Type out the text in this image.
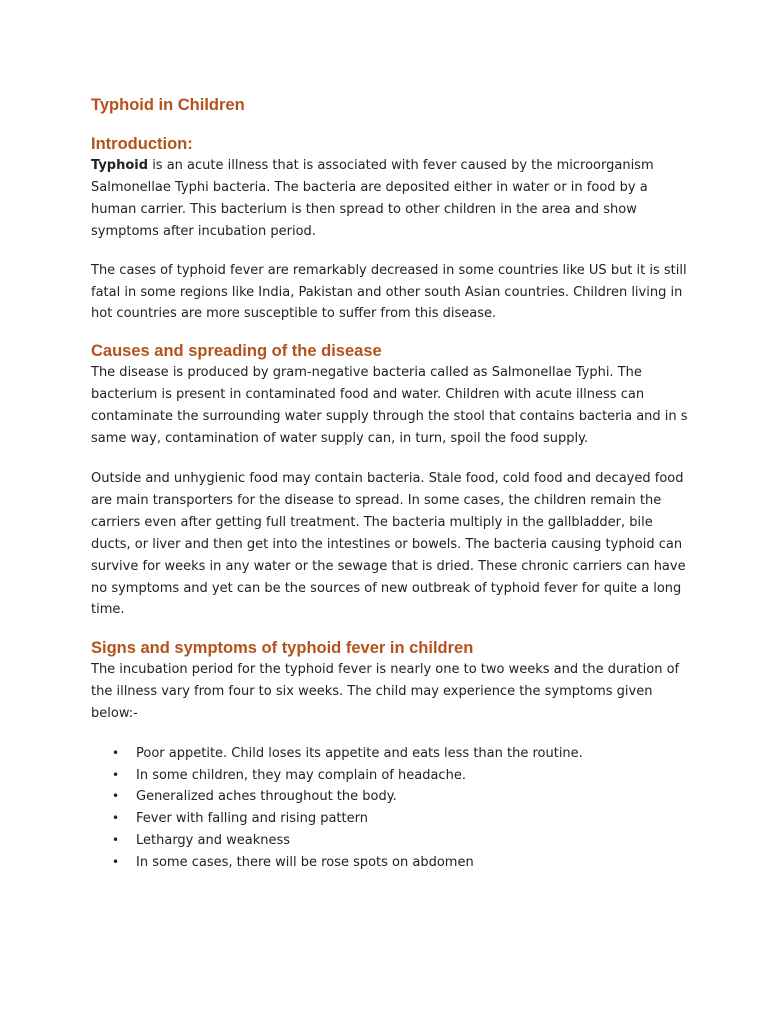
Typhoid in Children
Introduction:

Typhoid is an acute illness that is associated with fever caused by the microorganism Salmonellae Typhi bacteria. The bacteria are deposited either in water or in food by a human carrier. This bacterium is then spread to other children in the area and show symptoms after incubation period.

The cases of typhoid fever are remarkably decreased in some countries like US but it is still fatal in some regions like India, Pakistan and other south Asian countries. Children living in hot countries are more susceptible to suffer from this disease.

Causes and spreading of the disease

The disease is produced by gram-negative bacteria called as Salmonellae Typhi. The bacterium is present in contaminated food and water. Children with acute illness can contaminate the surrounding water supply through the stool that contains bacteria and in s same way, contamination of water supply can, in turn, spoil the food supply.

Outside and unhygienic food may contain bacteria. Stale food, cold food and decayed food are main transporters for the disease to spread. In some cases, the children remain the carriers even after getting full treatment. The bacteria multiply in the gallbladder, bile ducts, or liver and then get into the intestines or bowels. The bacteria causing typhoid can survive for weeks in any water or the sewage that is dried. These chronic carriers can have no symptoms and yet can be the sources of new outbreak of typhoid fever for quite a long time.

Signs and symptoms of typhoid fever in children

The incubation period for the typhoid fever is nearly one to two weeks and the duration of the illness vary from four to six weeks. The child may experience the symptoms given below:-

• Poor appetite. Child loses its appetite and eats less than the routine.
• In some children, they may complain of headache.
• Generalized aches throughout the body.
• Fever with falling and rising pattern
• Lethargy and weakness
• In some cases, there will be rose spots on abdomen
